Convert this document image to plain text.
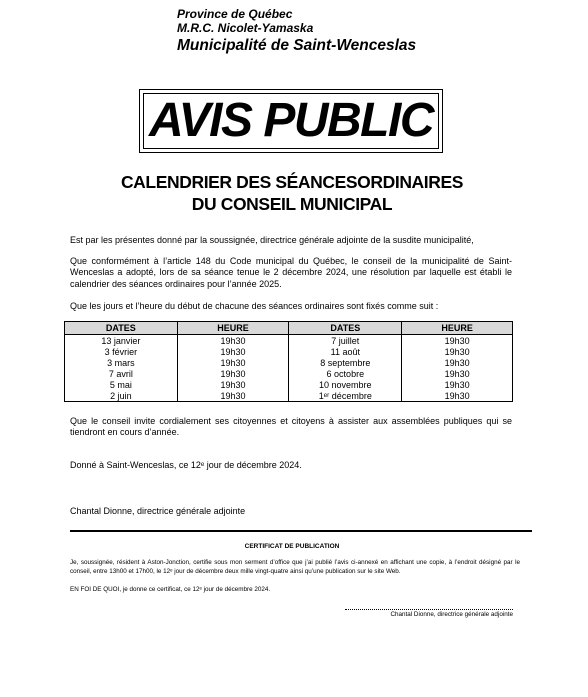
Province de Québec
M.R.C. Nicolet-Yamaska
Municipalité de Saint-Wenceslas
AVIS PUBLIC
CALENDRIER DES SÉANCESORDINAIRES
DU CONSEIL MUNICIPAL
Est par les présentes donné par la soussignée, directrice générale adjointe de la susdite municipalité,
Que conformément à l’article 148 du Code municipal du Québec, le conseil de la municipalité de Saint-Wenceslas a adopté, lors de sa séance tenue le 2 décembre 2024, une résolution par laquelle est établi le calendrier des séances ordinaires pour l’année 2025.
Que les jours et l’heure du début de chacune des séances ordinaires sont fixés comme suit :
DATES	HEURE	DATES	HEURE
13 janvier	19h30	7 juillet	19h30
3 février	19h30	11 août	19h30
3 mars	19h30	8 septembre	19h30
7 avril	19h30	6 octobre	19h30
5 mai	19h30	10 novembre	19h30
2 juin	19h30	1ᵉʳ décembre	19h30
Que le conseil invite cordialement ses citoyennes et citoyens à assister aux assemblées publiques qui se tiendront en cours d’année.
Donné à Saint-Wenceslas, ce 12ᵉ jour de décembre 2024.
Chantal Dionne, directrice générale adjointe
CERTIFICAT DE PUBLICATION
Je, soussignée, résident à Aston-Jonction, certifie sous mon serment d’office que j’ai publié l’avis ci-annexé en affichant une copie, à l’endroit désigné par le conseil, entre 13h00 et 17h00, le 12ᵉ jour de décembre deux mille vingt-quatre ainsi qu’une publication sur le site Web.
EN FOI DE QUOI, je donne ce certificat, ce 12ᵉ jour de décembre 2024.
Chantal Dionne, directrice générale adjointe
